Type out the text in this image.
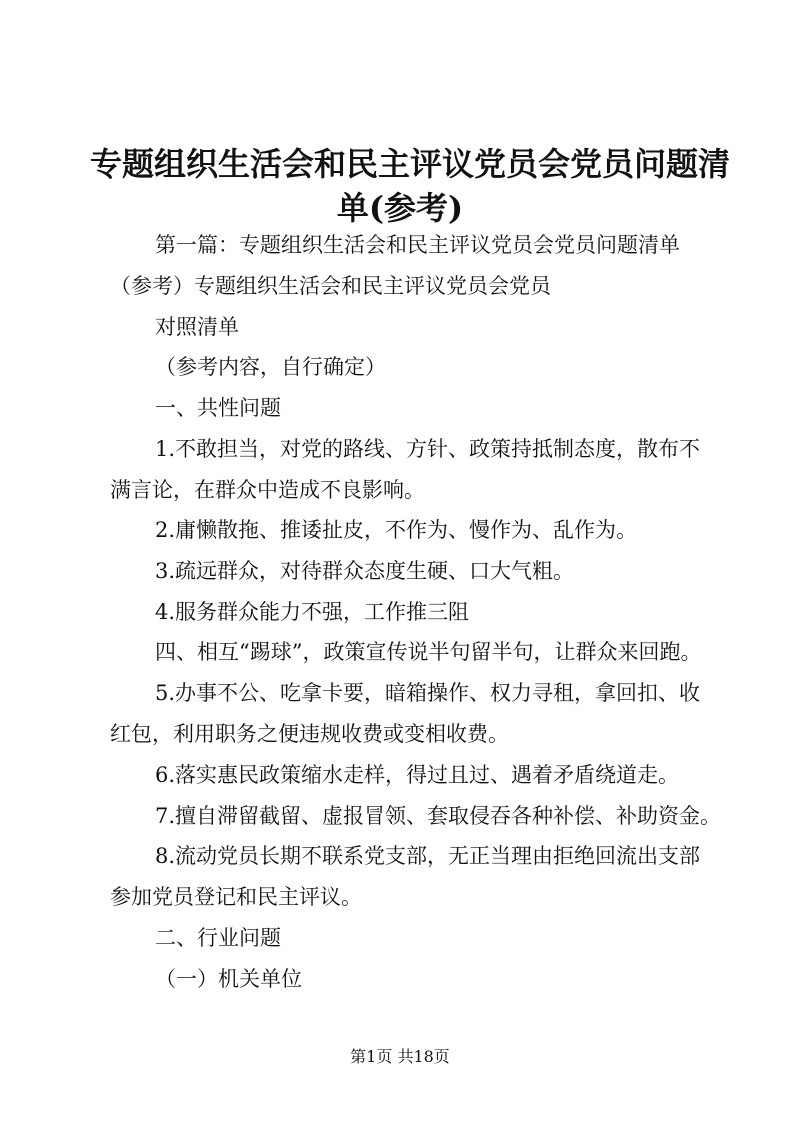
专题组织生活会和民主评议党员会党员问题清
单(参考)
第一篇：专题组织生活会和民主评议党员会党员问题清单
（参考）专题组织生活会和民主评议党员会党员
对照清单
（参考内容，自行确定）
一、共性问题
1.不敢担当，对党的路线、方针、政策持抵制态度，散布不
满言论，在群众中造成不良影响。
2.庸懒散拖、推诿扯皮，不作为、慢作为、乱作为。
3.疏远群众，对待群众态度生硬、口大气粗。
4.服务群众能力不强，工作推三阻
四、相互“踢球”，政策宣传说半句留半句，让群众来回跑。
5.办事不公、吃拿卡要，暗箱操作、权力寻租，拿回扣、收
红包，利用职务之便违规收费或变相收费。
6.落实惠民政策缩水走样，得过且过、遇着矛盾绕道走。
7.擅自滞留截留、虚报冒领、套取侵吞各种补偿、补助资金。
8.流动党员长期不联系党支部，无正当理由拒绝回流出支部
参加党员登记和民主评议。
二、行业问题
（一）机关单位
第1页 共18页
